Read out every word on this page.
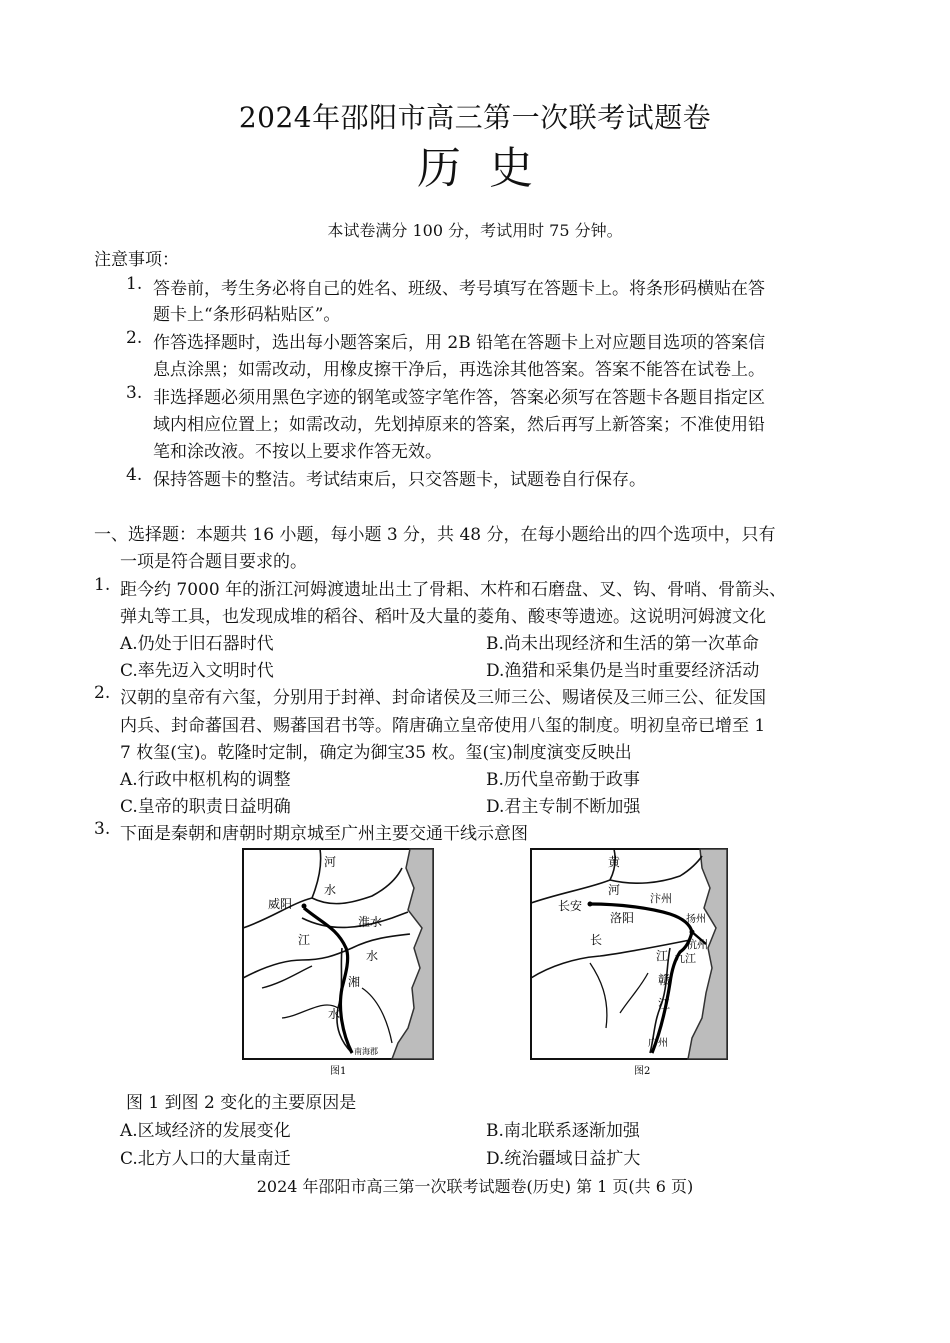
2024年邵阳市高三第一次联考试题卷
历 史
本试卷满分 100 分，考试用时 75 分钟。
注意事项：
1. 答卷前，考生务必将自己的姓名、班级、考号填写在答题卡上。将条形码横贴在答
题卡上“条形码粘贴区”。
2. 作答选择题时，选出每小题答案后，用 2B 铅笔在答题卡上对应题目选项的答案信
息点涂黑；如需改动，用橡皮擦干净后，再选涂其他答案。答案不能答在试卷上。
3. 非选择题必须用黑色字迹的钢笔或签字笔作答，答案必须写在答题卡各题目指定区
域内相应位置上；如需改动，先划掉原来的答案，然后再写上新答案；不准使用铅
笔和涂改液。不按以上要求作答无效。
4. 保持答题卡的整洁。考试结束后，只交答题卡，试题卷自行保存。
一、选择题：本题共 16 小题，每小题 3 分，共 48 分，在每小题给出的四个选项中，只有
一项是符合题目要求的。
1. 距今约 7000 年的浙江河姆渡遗址出土了骨耜、木杵和石磨盘、叉、钩、骨哨、骨箭头、
弹丸等工具，也发现成堆的稻谷、稻叶及大量的菱角、酸枣等遗迹。这说明河姆渡文化
A.仍处于旧石器时代	B.尚未出现经济和生活的第一次革命
C.率先迈入文明时代	D.渔猎和采集仍是当时重要经济活动
2. 汉朝的皇帝有六玺，分别用于封禅、封命诸侯及三师三公、赐诸侯及三师三公、征发国
内兵、封命蕃国君、赐蕃国君书等。隋唐确立皇帝使用八玺的制度。明初皇帝已增至 1
7 枚玺(宝)。乾隆时定制，确定为御宝35 枚。玺(宝)制度演变反映出
A.行政中枢机构的调整	B.历代皇帝勤于政事
C.皇帝的职责日益明确	D.君主专制不断加强
3. 下面是秦朝和唐朝时期京城至广州主要交通干线示意图
威阳
河
水
淮水
江
水
湘
水
南海郡
图1
黄
河
汴州
长安
洛阳	扬州
长	杭州
江 九江
赣
江
广州
图2
图 1 到图 2 变化的主要原因是
A.区域经济的发展变化	B.南北联系逐渐加强
C.北方人口的大量南迁	D.统治疆域日益扩大
2024 年邵阳市高三第一次联考试题卷(历史) 第 1 页(共 6 页)
